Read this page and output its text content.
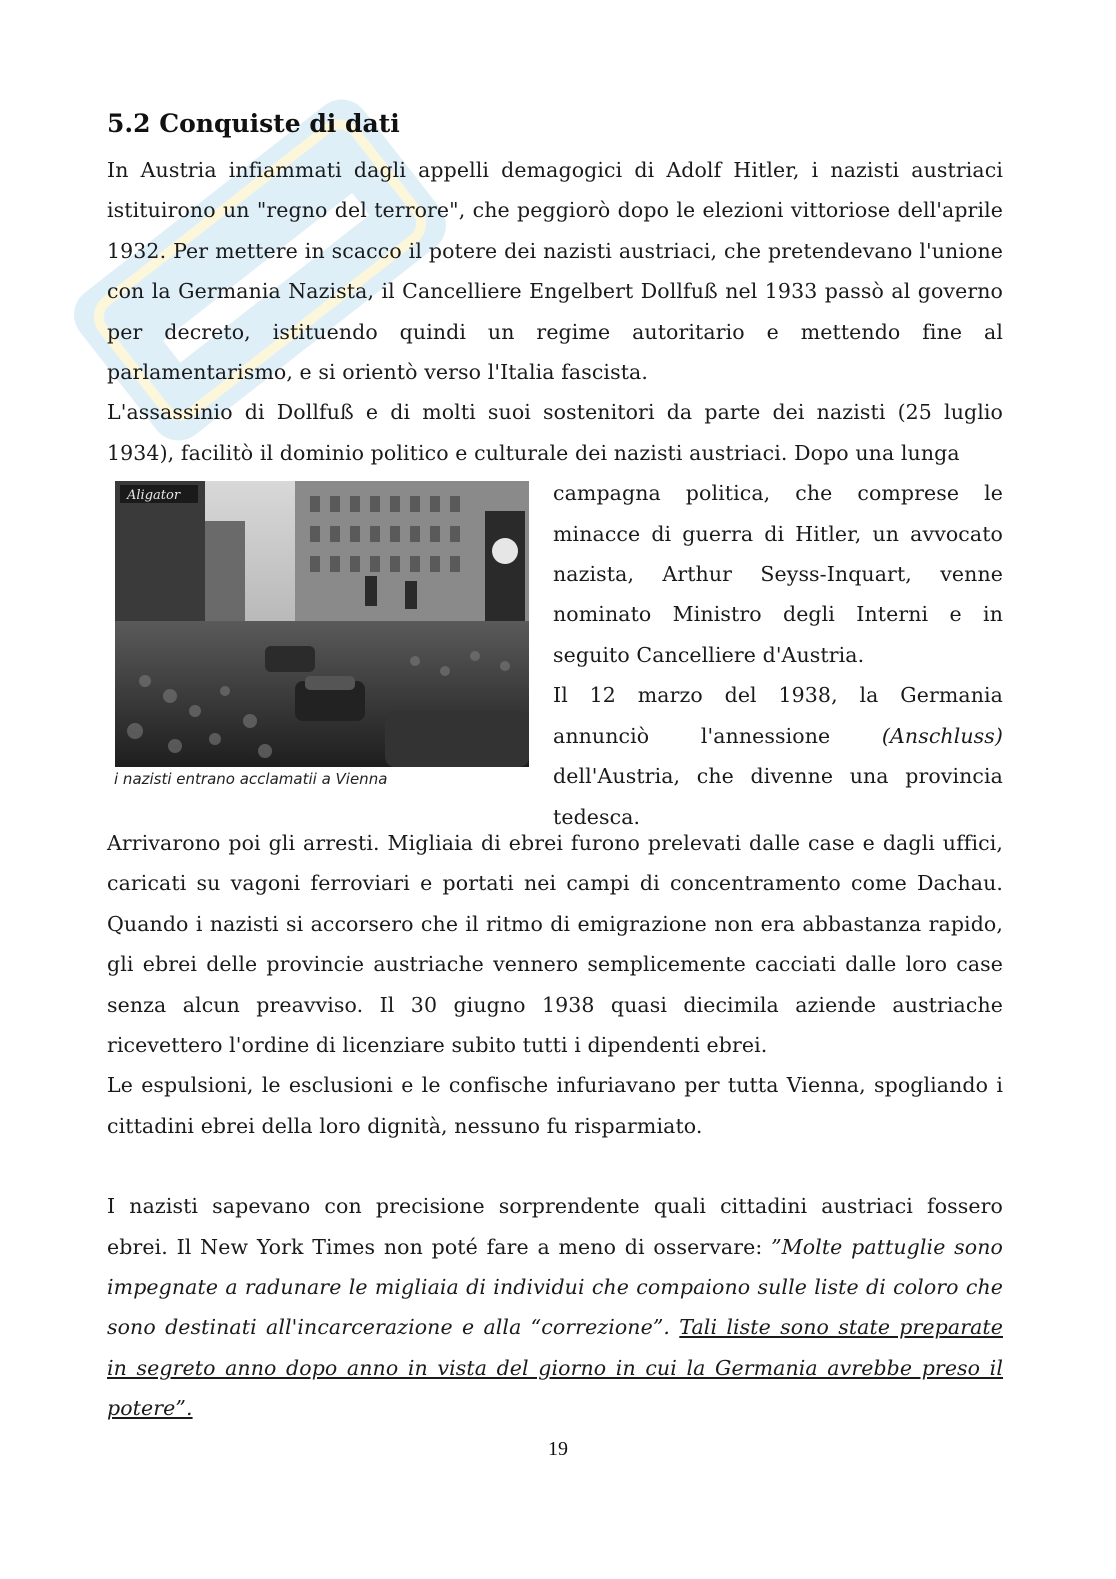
5.2 Conquiste di dati

In Austria infiammati dagli appelli demagogici di Adolf Hitler, i nazisti austriaci istituirono un "regno del terrore", che peggiorò dopo le elezioni vittoriose dell'aprile 1932. Per mettere in scacco il potere dei nazisti austriaci, che pretendevano l'unione con la Germania Nazista, il Cancelliere Engelbert Dollfuß nel 1933 passò al governo per decreto, istituendo quindi un regime autoritario e mettendo fine al parlamentarismo, e si orientò verso l'Italia fascista.

L'assassinio di Dollfuß e di molti suoi sostenitori da parte dei nazisti (25 luglio 1934), facilitò il dominio politico e culturale dei nazisti austriaci. Dopo una lunga

Aligator
i nazisti entrano acclamatii a Vienna

campagna politica, che comprese le minacce di guerra di Hitler, un avvocato nazista, Arthur Seyss-Inquart, venne nominato Ministro degli Interni e in seguito Cancelliere d'Austria.

Il 12 marzo del 1938, la Germania annunciò l'annessione (Anschluss) dell'Austria, che divenne una provincia tedesca.

Arrivarono poi gli arresti. Migliaia di ebrei furono prelevati dalle case e dagli uffici, caricati su vagoni ferroviari e portati nei campi di concentramento come Dachau. Quando i nazisti si accorsero che il ritmo di emigrazione non era abbastanza rapido, gli ebrei delle provincie austriache vennero semplicemente cacciati dalle loro case senza alcun preavviso. Il 30 giugno 1938 quasi diecimila aziende austriache ricevettero l'ordine di licenziare subito tutti i dipendenti ebrei.

Le espulsioni, le esclusioni e le confische infuriavano per tutta Vienna, spogliando i cittadini ebrei della loro dignità, nessuno fu risparmiato.

I nazisti sapevano con precisione sorprendente quali cittadini austriaci fossero ebrei. Il New York Times non poté fare a meno di osservare: ”Molte pattuglie sono impegnate a radunare le migliaia di individui che compaiono sulle liste di coloro che sono destinati all'incarcerazione e alla “correzione”. Tali liste sono state preparate in segreto anno dopo anno in vista del giorno in cui la Germania avrebbe preso il potere”.

19
